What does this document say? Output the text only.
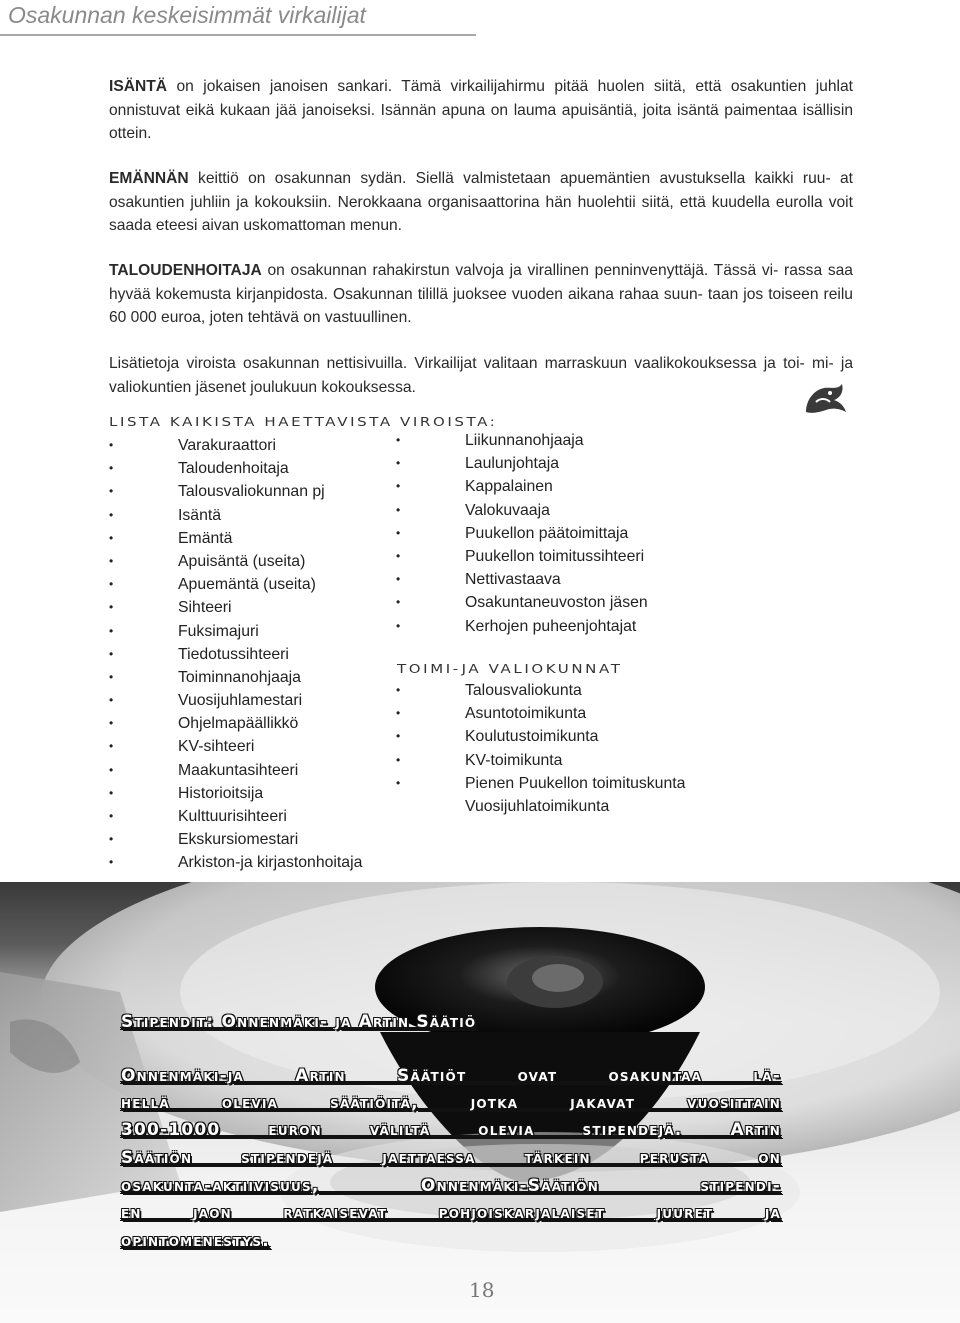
Osakunnan keskeisimmät virkailijat

ISÄNTÄ on jokaisen janoisen sankari. Tämä virkailijahirmu pitää huolen siitä, että osakuntien juhlat onnistuvat eikä kukaan jää janoiseksi. Isännän apuna on lauma apuisäntiä, joita isäntä paimentaa isällisin ottein.

EMÄNNÄN keittiö on osakunnan sydän. Siellä valmistetaan apuemäntien avustuksella kaikki ruu- at osakuntien juhliin ja kokouksiin. Nerokkaana organisaattorina hän huolehtii siitä, että kuudella eurolla voit saada eteesi aivan uskomattoman menun.

TALOUDENHOITAJA on osakunnan rahakirstun valvoja ja virallinen penninvenyttäjä. Tässä vi- rassa saa hyvää kokemusta kirjanpidosta. Osakunnan tilillä juoksee vuoden aikana rahaa suun- taan jos toiseen reilu 60 000 euroa, joten tehtävä on vastuullinen.

Lisätietoja viroista osakunnan nettisivuilla. Virkailijat valitaan marraskuun vaalikokouksessa ja toi- mi- ja valiokuntien jäsenet joulukuun kokouksessa.

LISTA KAIKISTA HAETTAVISTA VIROISTA:
•	Varakuraattori
•	Taloudenhoitaja
•	Talousvaliokunnan pj
•	Isäntä
•	Emäntä
•	Apuisäntä (useita)
•	Apuemäntä (useita)
•	Sihteeri
•	Fuksimajuri
•	Tiedotussihteeri
•	Toiminnanohjaaja
•	Vuosijuhlamestari
•	Ohjelmapäällikkö
•	KV-sihteeri
•	Maakuntasihteeri
•	Historioitsija
•	Kulttuurisihteeri
•	Ekskursiomestari
•	Arkiston-ja kirjastonhoitaja
•	Liikunnanohjaaja
•	Laulunjohtaja
•	Kappalainen
•	Valokuvaaja
•	Puukellon päätoimittaja
•	Puukellon toimitussihteeri
•	Nettivastaava
•	Osakuntaneuvoston jäsen
•	Kerhojen puheenjohtajat
TOIMI-JA VALIOKUNNAT
•	Talousvaliokunta
•	Asuntotoimikunta
•	Koulutustoimikunta
•	KV-toimikunta
•	Pienen Puukellon toimituskunta
Vuosijuhlatoimikunta
Stipendit: Onnenmäki- ja Artin Säätiö
Onnenmäki-ja Artin Säätiöt ovat osakuntaa lä-
hellä olevia säätiöitä, jotka jakavat vuosittain
300-1000 euron väliltä olevia stipendejä. Artin
Säätiön stipendejä jaettaessa tärkein perusta on
osakunta-aktiivisuus, Onnenmäki-Säätiön stipendi-
en jaon ratkaisevat pohjoiskarjalaiset juuret ja
opintomenestys.
18
